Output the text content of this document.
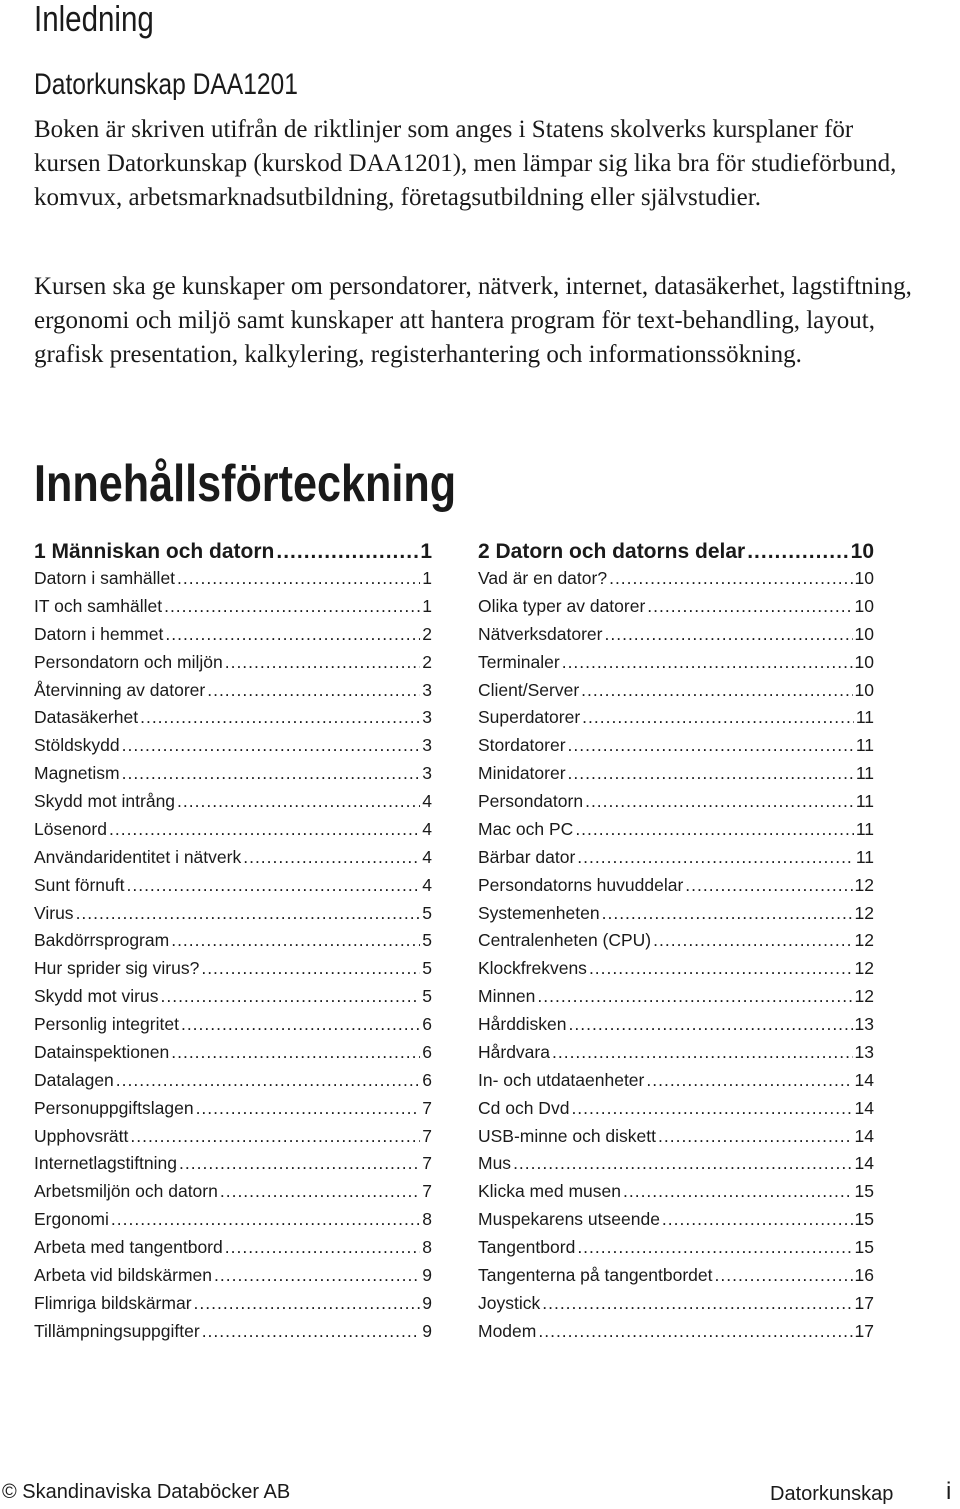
Inledning
Datorkunskap DAA1201

Boken är skriven utifrån de riktlinjer som anges i Statens skolverks kursplaner för kursen Datorkunskap (kurskod DAA1201), men lämpar sig lika bra för studieförbund, komvux, arbetsmarknadsutbildning, företagsutbildning eller självstudier.

Kursen ska ge kunskaper om persondatorer, nätverk, internet, datasäkerhet, lagstiftning, ergonomi och miljö samt kunskaper att hantera program för text-behandling, layout, grafisk presentation, kalkylering, registerhantering och informationssökning.

Innehållsförteckning
1 Människan och datorn .....	1
Datorn i samhället .....	1
IT och samhället .....	1
Datorn i hemmet .....	2
Persondatorn och miljön .....	2
Återvinning av datorer .....	3
Datasäkerhet .....	3
Stöldskydd .....	3
Magnetism .....	3
Skydd mot intrång .....	4
Lösenord .....	4
Användaridentitet i nätverk .....	4
Sunt förnuft .....	4
Virus .....	5
Bakdörrsprogram .....	5
Hur sprider sig virus? .....	5
Skydd mot virus .....	5
Personlig integritet .....	6
Datainspektionen .....	6
Datalagen .....	6
Personuppgiftslagen .....	7
Upphovsrätt .....	7
Internetlagstiftning .....	7
Arbetsmiljön och datorn .....	7
Ergonomi .....	8
Arbeta med tangentbord .....	8
Arbeta vid bildskärmen .....	9
Flimriga bildskärmar .....	9
Tillämpningsuppgifter .....	9
2 Datorn och datorns delar .....	10
Vad är en dator? .....	10
Olika typer av datorer .....	10
Nätverksdatorer .....	10
Terminaler .....	10
Client/Server .....	10
Superdatorer .....	11
Stordatorer .....	11
Minidatorer .....	11
Persondatorn .....	11
Mac och PC .....	11
Bärbar dator .....	11
Persondatorns huvuddelar .....	12
Systemenheten .....	12
Centralenheten (CPU) .....	12
Klockfrekvens .....	12
Minnen .....	12
Hårddisken .....	13
Hårdvara .....	13
In- och utdataenheter .....	14
Cd och Dvd .....	14
USB-minne och diskett .....	14
Mus .....	14
Klicka med musen .....	15
Muspekarens utseende .....	15
Tangentbord .....	15
Tangenterna på tangentbordet .....	16
Joystick .....	17
Modem .....	17
© Skandinaviska Databöcker AB	Datorkunskap i
